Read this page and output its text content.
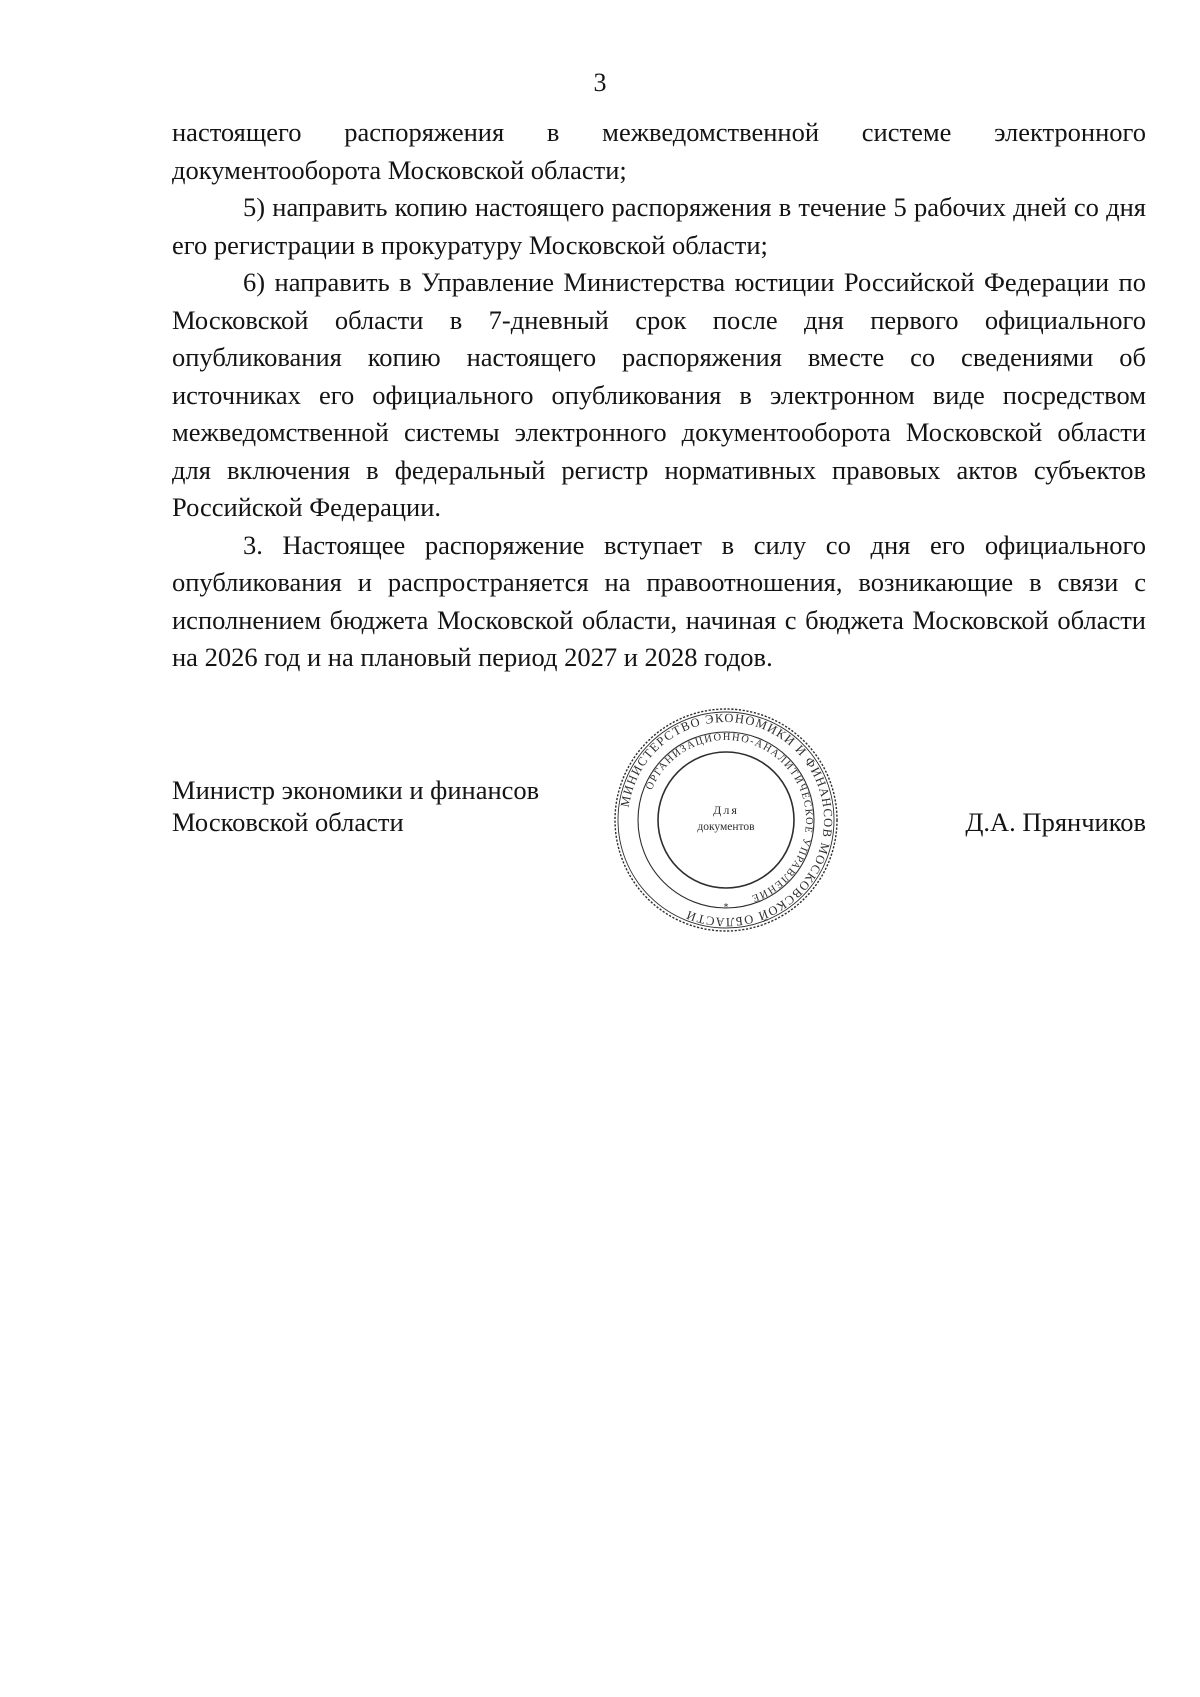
3

настоящего распоряжения в межведомственной системе электронного документооборота Московской области;

5) направить копию настоящего распоряжения в течение 5 рабочих дней со дня его регистрации в прокуратуру Московской области;

6) направить в Управление Министерства юстиции Российской Федерации по Московской области в 7-дневный срок после дня первого официального опубликования копию настоящего распоряжения вместе со сведениями об источниках его официального опубликования в электронном виде посредством межведомственной системы электронного документооборота Московской области для включения в федеральный регистр нормативных правовых актов субъектов Российской Федерации.

3. Настоящее распоряжение вступает в силу со дня его официального опубликования и распространяется на правоотношения, возникающие в связи с исполнением бюджета Московской области, начиная с бюджета Московской области на 2026 год и на плановый период 2027 и 2028 годов.

Министр экономики и финансов
Московской области	Д.А. Прянчиков
МИНИСТЕРСТВО ЭКОНОМИКИ И ФИНАНСОВ МОСКОВСКОЙ ОБЛАСТИ
ОРГАНИЗАЦИОННО-АНАЛИТИЧЕСКОЕ УПРАВЛЕНИЕ
Для
документов
*
